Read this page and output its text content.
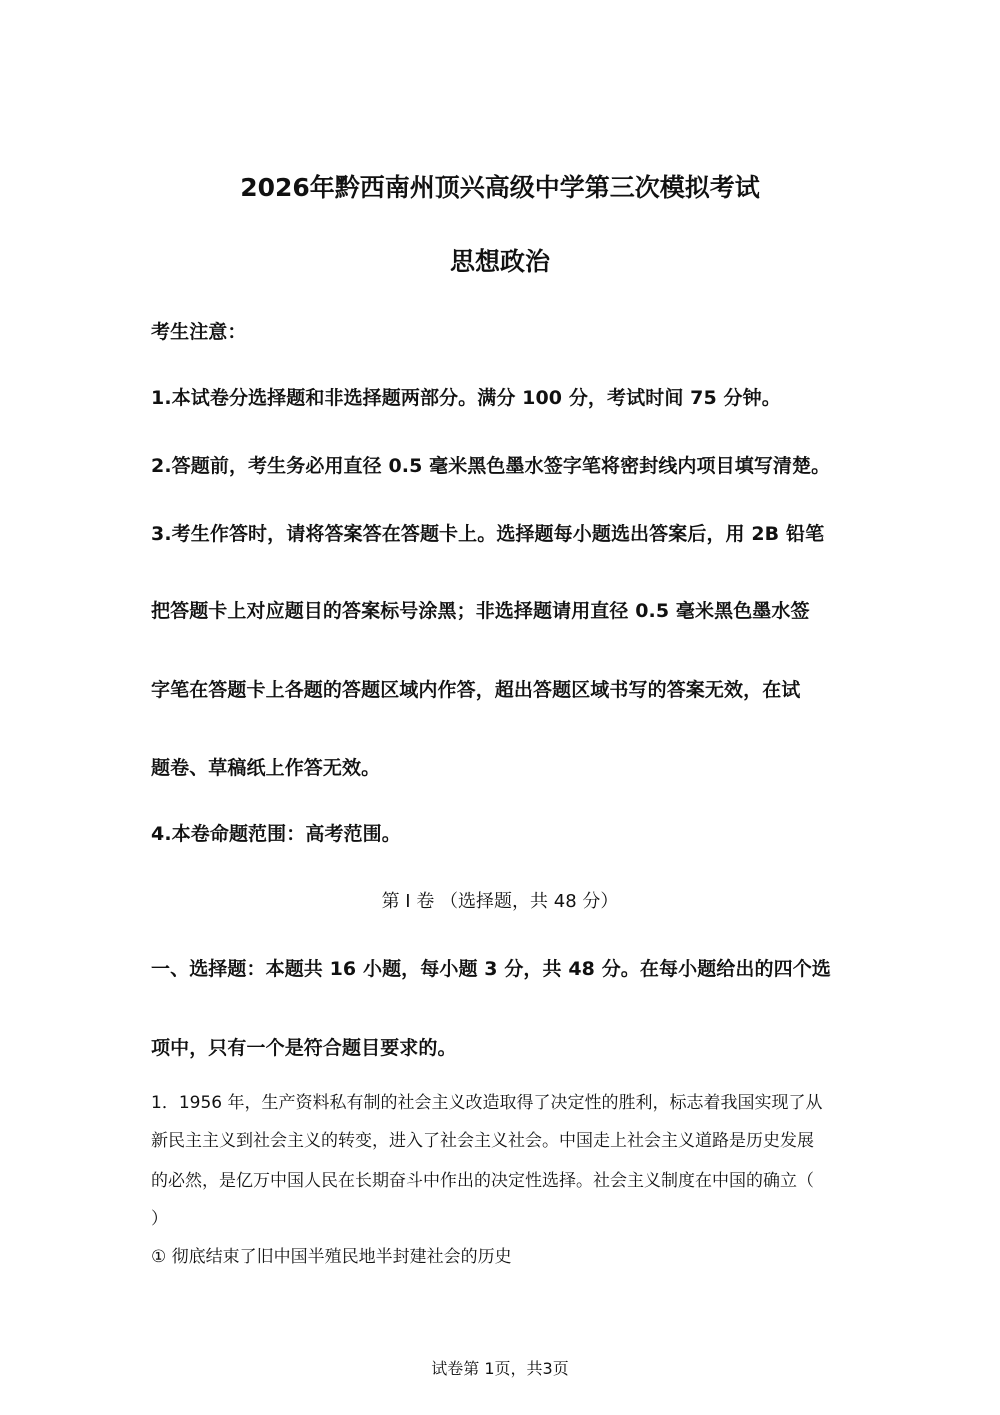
2026年黔西南州顶兴高级中学第三次模拟考试
思想政治
考生注意：
1.本试卷分选择题和非选择题两部分。满分 100 分，考试时间 75 分钟。
2.答题前，考生务必用直径 0.5 毫米黑色墨水签字笔将密封线内项目填写清楚。
3.考生作答时，请将答案答在答题卡上。选择题每小题选出答案后，用 2B 铅笔
把答题卡上对应题目的答案标号涂黑；非选择题请用直径 0.5 毫米黑色墨水签
字笔在答题卡上各题的答题区域内作答，超出答题区域书写的答案无效，在试
题卷、草稿纸上作答无效。
4.本卷命题范围：高考范围。
第 Ⅰ 卷 （选择题，共 48 分）
一、选择题：本题共 16 小题，每小题 3 分，共 48 分。在每小题给出的四个选
项中，只有一个是符合题目要求的。
1．1956 年，生产资料私有制的社会主义改造取得了决定性的胜利，标志着我国实现了从
新民主主义到社会主义的转变，进入了社会主义社会。中国走上社会主义道路是历史发展
的必然，是亿万中国人民在长期奋斗中作出的决定性选择。社会主义制度在中国的确立（
）
① 彻底结束了旧中国半殖民地半封建社会的历史
试卷第 1页，共3页
